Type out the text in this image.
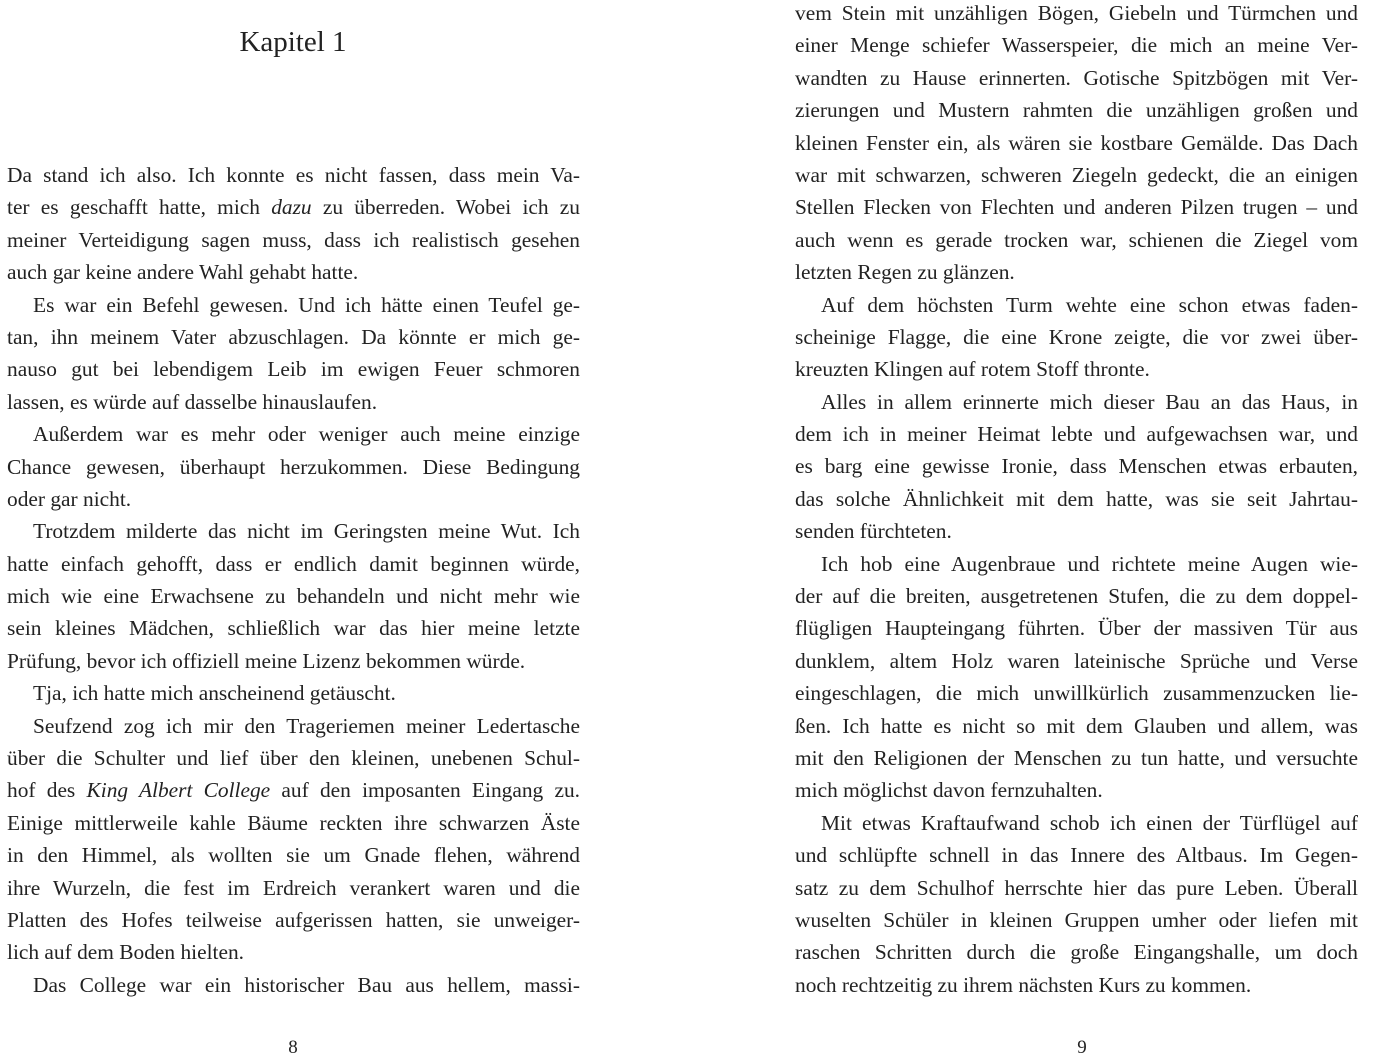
Kapitel 1
Da stand ich also. Ich konnte es nicht fassen, dass mein Va-
ter es geschafft hatte, mich dazu zu überreden. Wobei ich zu
meiner Verteidigung sagen muss, dass ich realistisch gesehen
auch gar keine andere Wahl gehabt hatte.
Es war ein Befehl gewesen. Und ich hätte einen Teufel ge-
tan, ihn meinem Vater abzuschlagen. Da könnte er mich ge-
nauso gut bei lebendigem Leib im ewigen Feuer schmoren
lassen, es würde auf dasselbe hinauslaufen.
Außerdem war es mehr oder weniger auch meine einzige
Chance gewesen, überhaupt herzukommen. Diese Bedingung
oder gar nicht.
Trotzdem milderte das nicht im Geringsten meine Wut. Ich
hatte einfach gehofft, dass er endlich damit beginnen würde,
mich wie eine Erwachsene zu behandeln und nicht mehr wie
sein kleines Mädchen, schließlich war das hier meine letzte
Prüfung, bevor ich offiziell meine Lizenz bekommen würde.
Tja, ich hatte mich anscheinend getäuscht.
Seufzend zog ich mir den Trageriemen meiner Ledertasche
über die Schulter und lief über den kleinen, unebenen Schul-
hof des King Albert College auf den imposanten Eingang zu.
Einige mittlerweile kahle Bäume reckten ihre schwarzen Äste
in den Himmel, als wollten sie um Gnade flehen, während
ihre Wurzeln, die fest im Erdreich verankert waren und die
Platten des Hofes teilweise aufgerissen hatten, sie unweiger-
lich auf dem Boden hielten.
Das College war ein historischer Bau aus hellem, massi-
8
vem Stein mit unzähligen Bögen, Giebeln und Türmchen und
einer Menge schiefer Wasserspeier, die mich an meine Ver-
wandten zu Hause erinnerten. Gotische Spitzbögen mit Ver-
zierungen und Mustern rahmten die unzähligen großen und
kleinen Fenster ein, als wären sie kostbare Gemälde. Das Dach
war mit schwarzen, schweren Ziegeln gedeckt, die an einigen
Stellen Flecken von Flechten und anderen Pilzen trugen – und
auch wenn es gerade trocken war, schienen die Ziegel vom
letzten Regen zu glänzen.
Auf dem höchsten Turm wehte eine schon etwas faden-
scheinige Flagge, die eine Krone zeigte, die vor zwei über-
kreuzten Klingen auf rotem Stoff thronte.
Alles in allem erinnerte mich dieser Bau an das Haus, in
dem ich in meiner Heimat lebte und aufgewachsen war, und
es barg eine gewisse Ironie, dass Menschen etwas erbauten,
das solche Ähnlichkeit mit dem hatte, was sie seit Jahrtau-
senden fürchteten.
Ich hob eine Augenbraue und richtete meine Augen wie-
der auf die breiten, ausgetretenen Stufen, die zu dem doppel-
flügligen Haupteingang führten. Über der massiven Tür aus
dunklem, altem Holz waren lateinische Sprüche und Verse
eingeschlagen, die mich unwillkürlich zusammenzucken lie-
ßen. Ich hatte es nicht so mit dem Glauben und allem, was
mit den Religionen der Menschen zu tun hatte, und versuchte
mich möglichst davon fernzuhalten.
Mit etwas Kraftaufwand schob ich einen der Türflügel auf
und schlüpfte schnell in das Innere des Altbaus. Im Gegen-
satz zu dem Schulhof herrschte hier das pure Leben. Überall
wuselten Schüler in kleinen Gruppen umher oder liefen mit
raschen Schritten durch die große Eingangshalle, um doch
noch rechtzeitig zu ihrem nächsten Kurs zu kommen.
9
